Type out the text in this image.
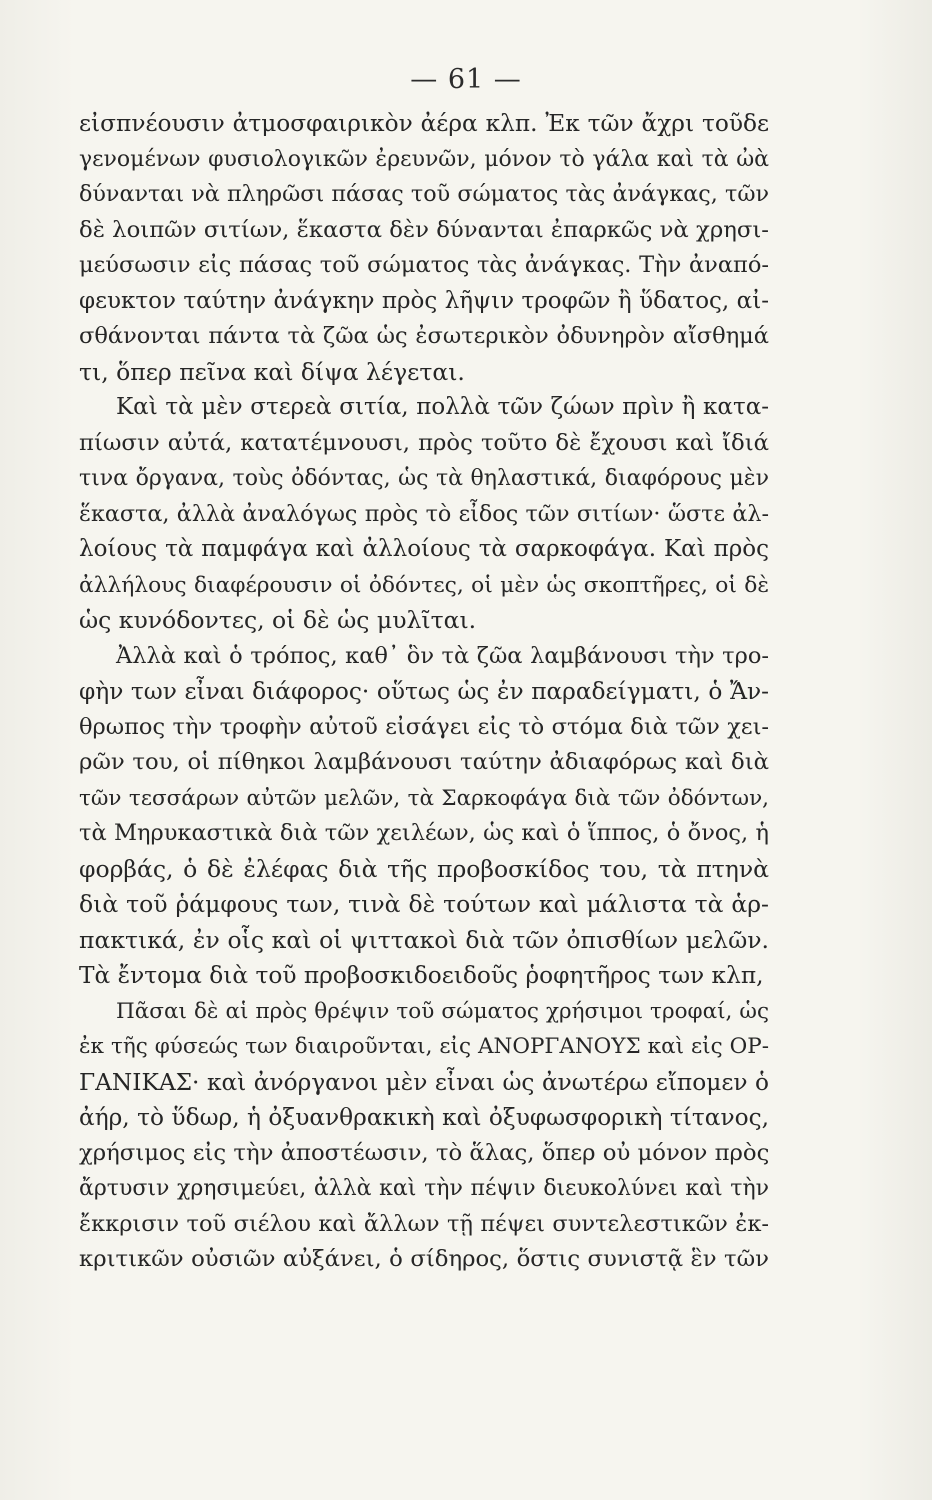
— 61 —
εἰσπνέουσιν ἀτμοσφαιρικὸν ἀέρα κλπ. Ἐκ τῶν ἄχρι τοῦδε
γενομένων φυσιολογικῶν ἐρευνῶν, μόνον τὸ γάλα καὶ τὰ ὠὰ
δύνανται νὰ πληρῶσι πάσας τοῦ σώματος τὰς ἀνάγκας, τῶν
δὲ λοιπῶν σιτίων, ἕκαστα δὲν δύνανται ἐπαρκῶς νὰ χρησι-
μεύσωσιν εἰς πάσας τοῦ σώματος τὰς ἀνάγκας. Τὴν ἀναπό-
φευκτον ταύτην ἀνάγκην πρὸς λῆψιν τροφῶν ἢ ὕδατος, αἰ-
σθάνονται πάντα τὰ ζῶα ὡς ἐσωτερικὸν ὀδυνηρὸν αἴσθημά
τι, ὅπερ πεῖνα καὶ δίψα λέγεται.
Καὶ τὰ μὲν στερεὰ σιτία, πολλὰ τῶν ζώων πρὶν ἢ κατα-
πίωσιν αὐτά, κατατέμνουσι, πρὸς τοῦτο δὲ ἔχουσι καὶ ἴδιά
τινα ὄργανα, τοὺς ὀδόντας, ὡς τὰ θηλαστικά, διαφόρους μὲν
ἕκαστα, ἀλλὰ ἀναλόγως πρὸς τὸ εἶδος τῶν σιτίων· ὥστε ἀλ-
λοίους τὰ παμφάγα καὶ ἀλλοίους τὰ σαρκοφάγα. Καὶ πρὸς
ἀλλήλους διαφέρουσιν οἱ ὀδόντες, οἱ μὲν ὡς σκοπτῆρες, οἱ δὲ
ὡς κυνόδοντες, οἱ δὲ ὡς μυλῖται.
Ἀλλὰ καὶ ὁ τρόπος, καθ᾽ ὃν τὰ ζῶα λαμβάνουσι τὴν τρο-
φὴν των εἶναι διάφορος· οὕτως ὡς ἐν παραδείγματι, ὁ Ἄν-
θρωπος τὴν τροφὴν αὐτοῦ εἰσάγει εἰς τὸ στόμα διὰ τῶν χει-
ρῶν του, οἱ πίθηκοι λαμβάνουσι ταύτην ἀδιαφόρως καὶ διὰ
τῶν τεσσάρων αὐτῶν μελῶν, τὰ Σαρκοφάγα διὰ τῶν ὀδόντων,
τὰ Μηρυκαστικὰ διὰ τῶν χειλέων, ὡς καὶ ὁ ἵππος, ὁ ὄνος, ἡ
φορβάς, ὁ δὲ ἐλέφας διὰ τῆς προβοσκίδος του, τὰ πτηνὰ
διὰ τοῦ ῥάμφους των, τινὰ δὲ τούτων καὶ μάλιστα τὰ ἁρ-
πακτικά, ἐν οἷς καὶ οἱ ψιττακοὶ διὰ τῶν ὀπισθίων μελῶν.
Τὰ ἔντομα διὰ τοῦ προβοσκιδοειδοῦς ῥοφητῆρος των κλπ,
Πᾶσαι δὲ αἱ πρὸς θρέψιν τοῦ σώματος χρήσιμοι τροφαί, ὡς
ἐκ τῆς φύσεώς των διαιροῦνται, εἰς ΑΝΟΡΓΑΝΟΥΣ καὶ εἰς ΟΡ-
ΓΑΝΙΚΑΣ· καὶ ἀνόργανοι μὲν εἶναι ὡς ἀνωτέρω εἴπομεν ὁ
ἀήρ, τὸ ὕδωρ, ἡ ὀξυανθρακικὴ καὶ ὀξυφωσφορικὴ τίτανος,
χρήσιμος εἰς τὴν ἀποστέωσιν, τὸ ἅλας, ὅπερ οὐ μόνον πρὸς
ἄρτυσιν χρησιμεύει, ἀλλὰ καὶ τὴν πέψιν διευκολύνει καὶ τὴν
ἔκκρισιν τοῦ σιέλου καὶ ἄλλων τῇ πέψει συντελεστικῶν ἐκ-
κριτικῶν οὐσιῶν αὐξάνει, ὁ σίδηρος, ὅστις συνιστᾷ ἓν τῶν
